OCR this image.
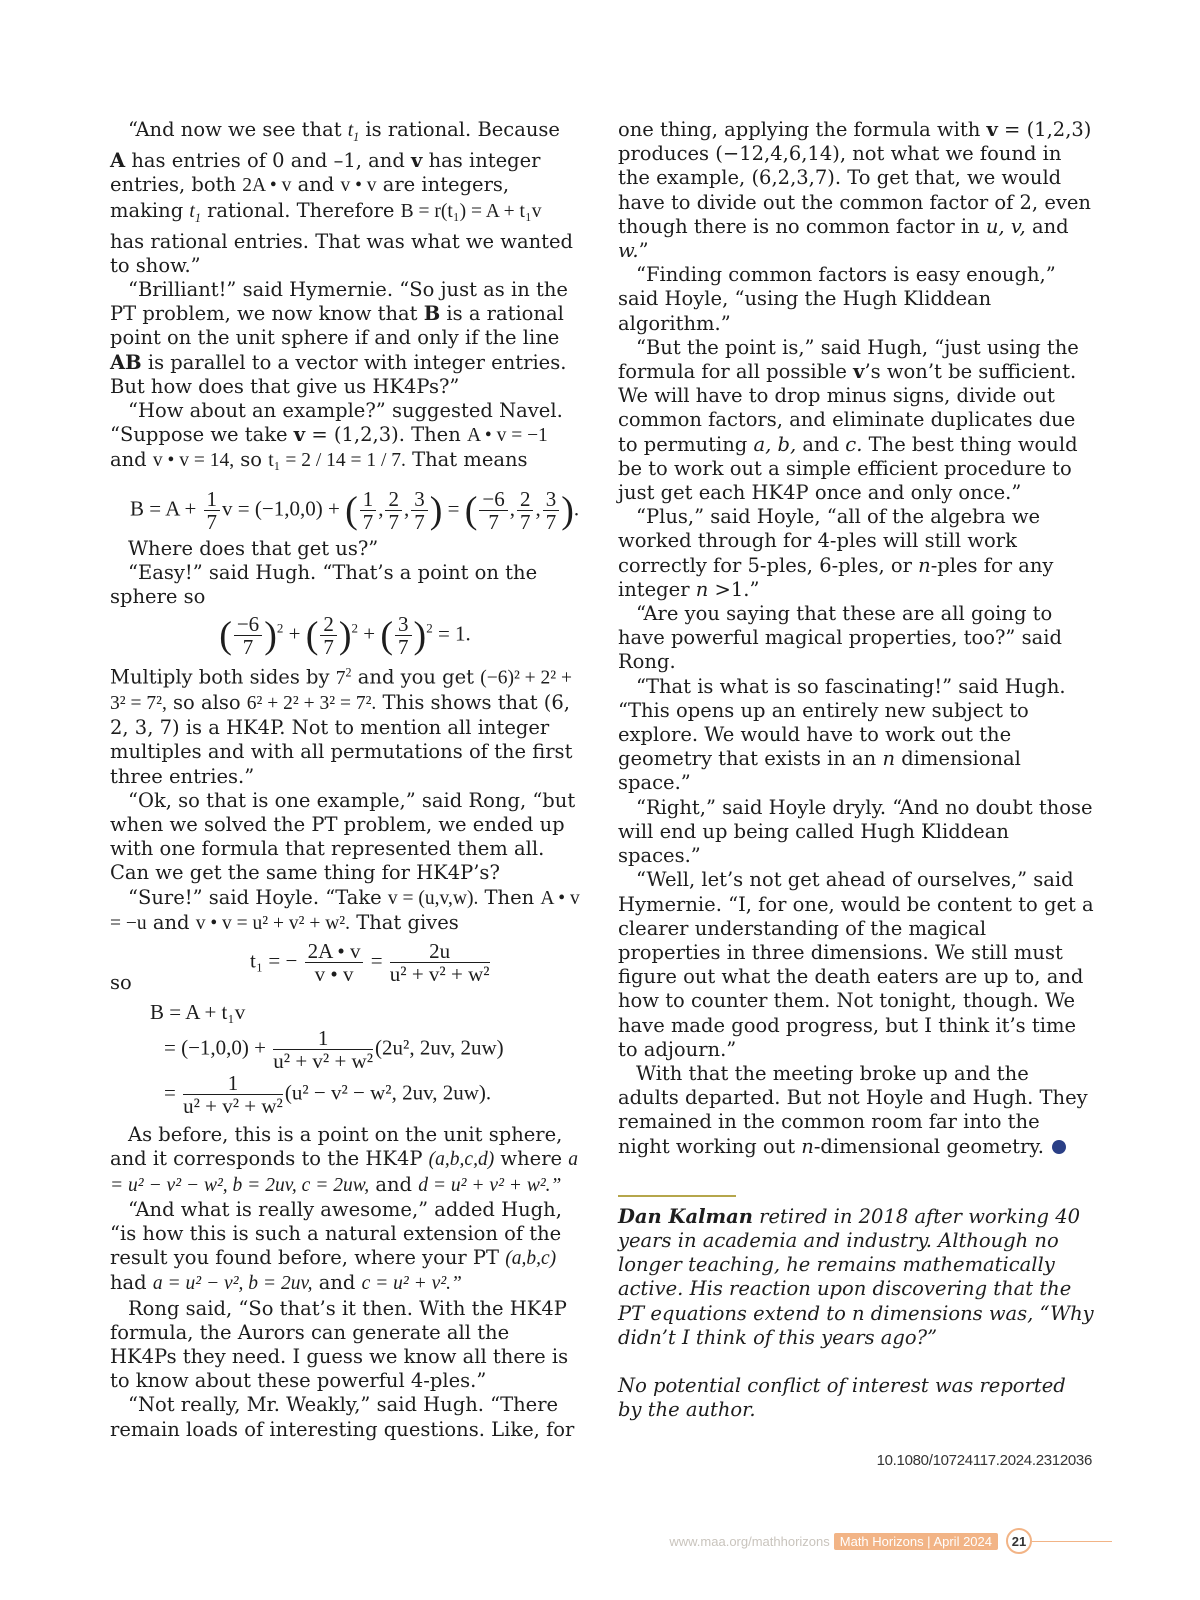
“And now we see that $t_1$ is rational. Because A has entries of 0 and –1, and v has integer entries, both 2A • v and v • v are integers, making $t_1$ rational. Therefore B = r(t₁) = A + t₁v has rational entries. That was what we wanted to show.”

“Brilliant!” said Hymernie. “So just as in the PT problem, we now know that B is a rational point on the unit sphere if and only if the line AB is parallel to a vector with integer entries. But how does that give us HK4Ps?”

“How about an example?” suggested Navel. “Suppose we take v = (1,2,3). Then A • v = −1 and v • v = 14, so t₁ = 2 / 14 = 1 / 7. That means

$B = A + \frac{1}{7}$ v = (−1,0,0) + ( $\frac{1}{7}$ , $\frac{2}{7}$ , $\frac{3}{7}$ ) = ( $\frac{-6}{7}$ , $\frac{2}{7}$ , $\frac{3}{7}$ ).

Where does that get us?”

“Easy!” said Hugh. “That’s a point on the sphere so

( $\frac{-6}{7} )^2$ + ( $\frac{2}{7} )^2$ + ( $\frac{3}{7} )^2 = 1$.

Multiply both sides by $7^2$ and you get (−6)² + 2² + 3² = 7², so also 6² + 2² + 3² = 7². This shows that (6, 2, 3, 7) is a HK4P. Not to mention all integer multiples and with all permutations of the first three entries.”

“Ok, so that is one example,” said Rong, “but when we solved the PT problem, we ended up with one formula that represented them all. Can we get the same thing for HK4P’s?

“Sure!” said Hoyle. “Take v = (u,v,w). Then A • v = −u and v • v = u² + v² + w². That gives

t₁ = − $\frac{2A • v}{v • v} = \frac{2u}{\text{u² + v² + w²}}$

so

B = A + t₁v
= $(-1,0,0) + \frac{1}{\text{u² + v² + w²}} (2u^2$, 2uv, 2uw)
= $\frac{1}{\text{u² + v² + w²}} (u^2 - v^2 - w^2$, 2uv, 2uw).

As before, this is a point on the unit sphere, and it corresponds to the HK4P (a,b,c,d) where a = u² − v² − w², b = 2uv, c = 2uw, and d = u² + v² + w².”

“And what is really awesome,” added Hugh, “is how this is such a natural extension of the result you found before, where your PT (a,b,c) had a = u² − v², b = 2uv, and c = u² + v².”

Rong said, “So that’s it then. With the HK4P formula, the Aurors can generate all the HK4Ps they need. I guess we know all there is to know about these powerful 4-ples.”

“Not really, Mr. Weakly,” said Hugh. “There remain loads of interesting questions. Like, for

one thing, applying the formula with v = (1,2,3) produces (−12,4,6,14), not what we found in the example, (6,2,3,7). To get that, we would have to divide out the common factor of 2, even though there is no common factor in u, v, and w.”

“Finding common factors is easy enough,” said Hoyle, “using the Hugh Kliddean algorithm.”

“But the point is,” said Hugh, “just using the formula for all possible v’s won’t be sufficient. We will have to drop minus signs, divide out common factors, and eliminate duplicates due to permuting a, b, and c. The best thing would be to work out a simple efficient procedure to just get each HK4P once and only once.”

“Plus,” said Hoyle, “all of the algebra we worked through for 4-ples will still work correctly for 5-ples, 6-ples, or n-ples for any integer n >1.”

“Are you saying that these are all going to have powerful magical properties, too?” said Rong.

“That is what is so fascinating!” said Hugh. “This opens up an entirely new subject to explore. We would have to work out the geometry that exists in an n dimensional space.”

“Right,” said Hoyle dryly. “And no doubt those will end up being called Hugh Kliddean spaces.”

“Well, let’s not get ahead of ourselves,” said Hymernie. “I, for one, would be content to get a clearer understanding of the magical properties in three dimensions. We still must figure out what the death eaters are up to, and how to counter them. Not tonight, though. We have made good progress, but I think it’s time to adjourn.”

With that the meeting broke up and the adults departed. But not Hoyle and Hugh. They remained in the common room far into the night working out n-dimensional geometry.

Dan Kalman retired in 2018 after working 40 years in academia and industry. Although no longer teaching, he remains mathematically active. His reaction upon discovering that the PT equations extend to n dimensions was, “Why didn’t I think of this years ago?”

No potential conflict of interest was reported by the author.

10.1080/10724117.2024.2312036
www.maa.org/mathhorizons Math Horizons | April 2024	21
